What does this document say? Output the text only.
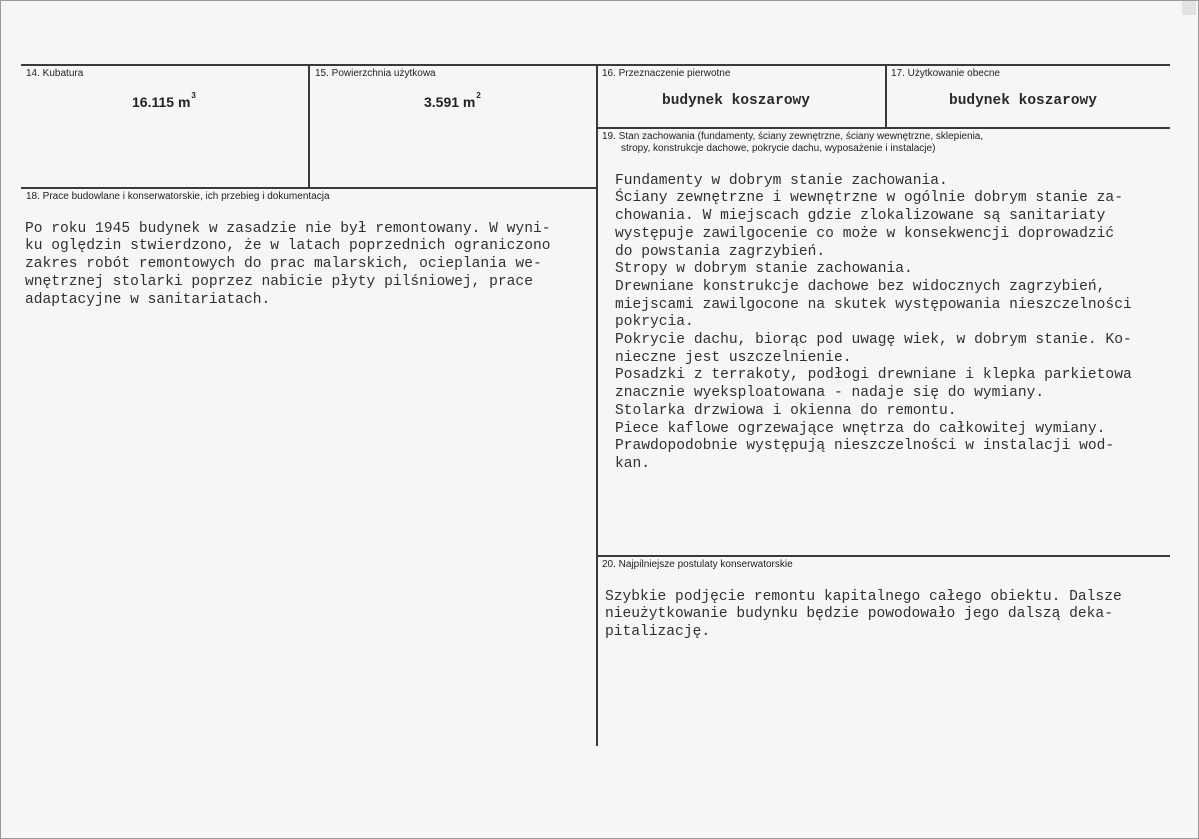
14. Kubatura
16.115 $m^3$
15. Powierzchnia użytkowa
3.591 $m^2$
16. Przeznaczenie pierwotne
budynek koszarowy
17. Użytkowanie obecne
budynek koszarowy
18. Prace budowlane i konserwatorskie, ich przebieg i dokumentacja

Po roku 1945 budynek w zasadzie nie był remontowany. W wyni-
ku oględzin stwierdzono, że w latach poprzednich ograniczono
zakres robót remontowych do prac malarskich, ocieplania we-
wnętrznej stolarki poprzez nabicie płyty pilśniowej, prace
adaptacyjne w sanitariatach.
19. Stan zachowania (fundamenty, ściany zewnętrzne, ściany wewnętrzne, sklepienia,
stropy, konstrukcje dachowe, pokrycie dachu, wyposażenie i instalacje)

Fundamenty w dobrym stanie zachowania.
Ściany zewnętrzne i wewnętrzne w ogólnie dobrym stanie za-
chowania. W miejscach gdzie zlokalizowane są sanitariaty
występuje zawilgocenie co może w konsekwencji doprowadzić
do powstania zagrzybień.
Stropy w dobrym stanie zachowania.
Drewniane konstrukcje dachowe bez widocznych zagrzybień,
miejscami zawilgocone na skutek występowania nieszczelności
pokrycia.
Pokrycie dachu, biorąc pod uwagę wiek, w dobrym stanie. Ko-
nieczne jest uszczelnienie.
Posadzki z terrakoty, podłogi drewniane i klepka parkietowa
znacznie wyeksploatowana - nadaje się do wymiany.
Stolarka drzwiowa i okienna do remontu.
Piece kaflowe ogrzewające wnętrza do całkowitej wymiany.
Prawdopodobnie występują nieszczelności w instalacji wod-
kan.
20. Najpilniejsze postulaty konserwatorskie

Szybkie podjęcie remontu kapitalnego całego obiektu. Dalsze
nieużytkowanie budynku będzie powodowało jego dalszą deka-
pitalizację.
